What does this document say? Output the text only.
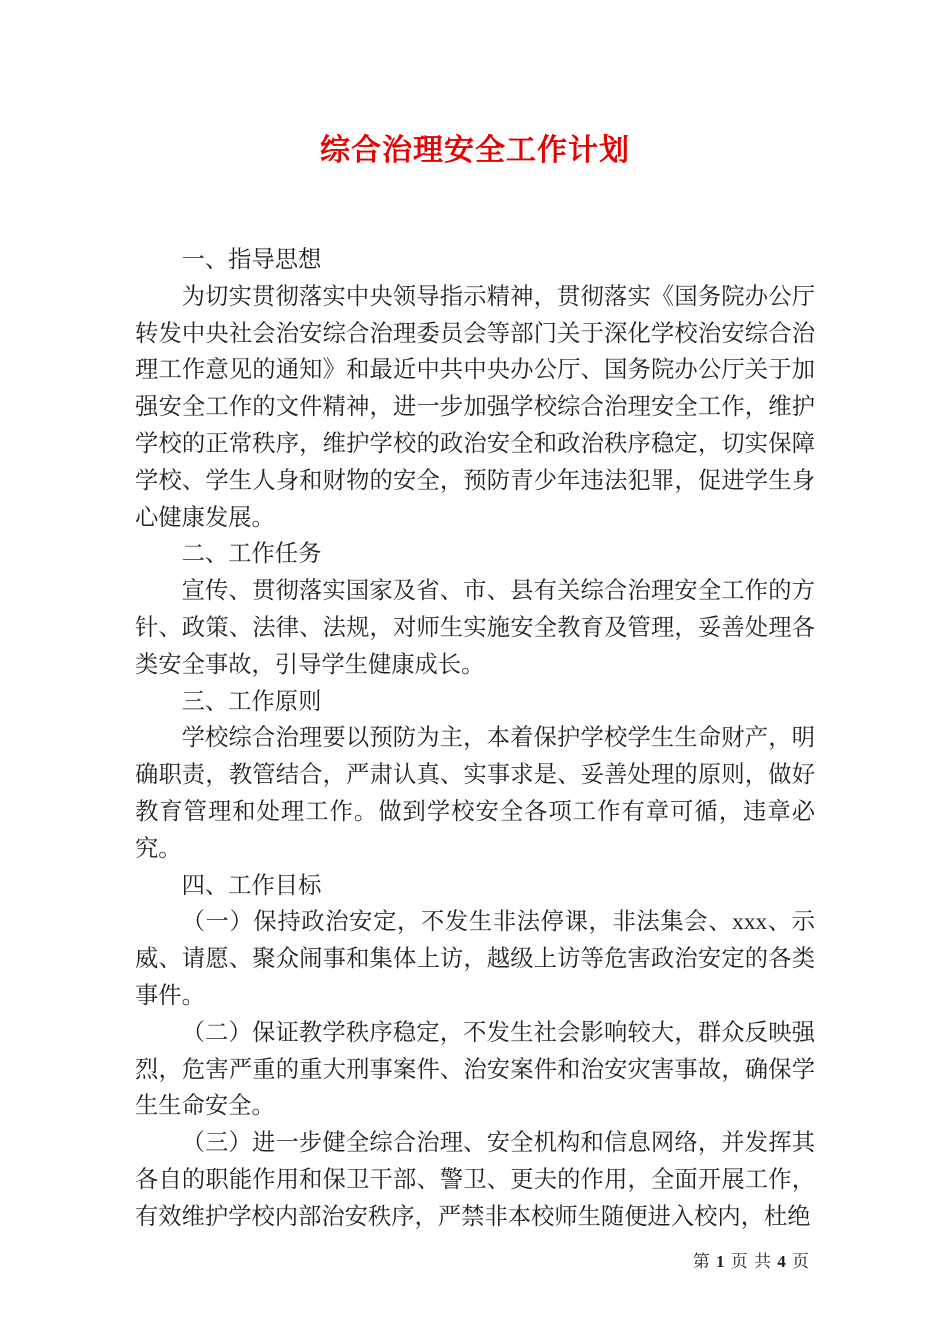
综合治理安全工作计划

一、指导思想

为切实贯彻落实中央领导指示精神，贯彻落实《国务院办公厅转发中央社会治安综合治理委员会等部门关于深化学校治安综合治理工作意见的通知》和最近中共中央办公厅、国务院办公厅关于加强安全工作的文件精神，进一步加强学校综合治理安全工作，维护学校的正常秩序，维护学校的政治安全和政治秩序稳定，切实保障学校、学生人身和财物的安全，预防青少年违法犯罪，促进学生身心健康发展。

二、工作任务

宣传、贯彻落实国家及省、市、县有关综合治理安全工作的方针、政策、法律、法规，对师生实施安全教育及管理，妥善处理各类安全事故，引导学生健康成长。

三、工作原则

学校综合治理要以预防为主，本着保护学校学生生命财产，明确职责，教管结合，严肃认真、实事求是、妥善处理的原则，做好教育管理和处理工作。做到学校安全各项工作有章可循，违章必究。

四、工作目标

（一）保持政治安定，不发生非法停课，非法集会、xxx、示威、请愿、聚众闹事和集体上访，越级上访等危害政治安定的各类事件。

（二）保证教学秩序稳定，不发生社会影响较大，群众反映强烈，危害严重的重大刑事案件、治安案件和治安灾害事故，确保学生生命安全。

（三）进一步健全综合治理、安全机构和信息网络，并发挥其各自的职能作用和保卫干部、警卫、更夫的作用，全面开展工作，有效维护学校内部治安秩序，严禁非本校师生随便进入校内，杜绝

第 1 页 共 4 页
